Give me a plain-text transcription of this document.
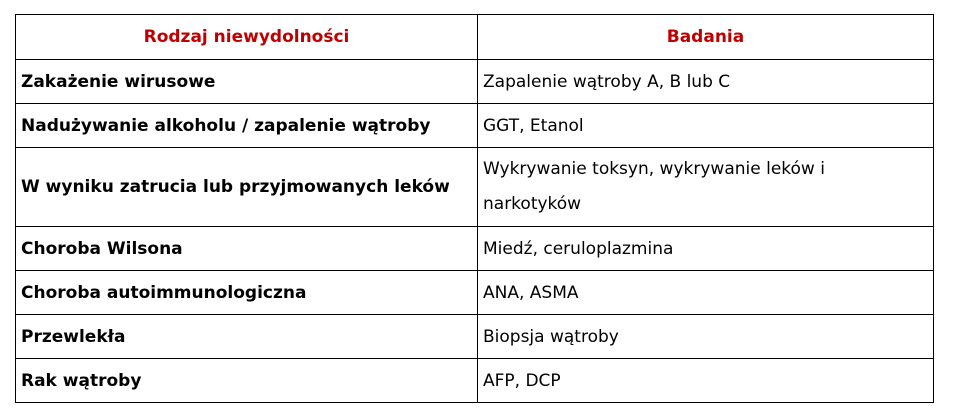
Rodzaj niewydolności	Badania
Zakażenie wirusowe	Zapalenie wątroby A, B lub C
Nadużywanie alkoholu / zapalenie wątroby	GGT, Etanol
W wyniku zatrucia lub przyjmowanych leków	Wykrywanie toksyn, wykrywanie leków i narkotyków
Choroba Wilsona	Miedź, ceruloplazmina
Choroba autoimmunologiczna	ANA, ASMA
Przewlekła	Biopsja wątroby
Rak wątroby	AFP, DCP
